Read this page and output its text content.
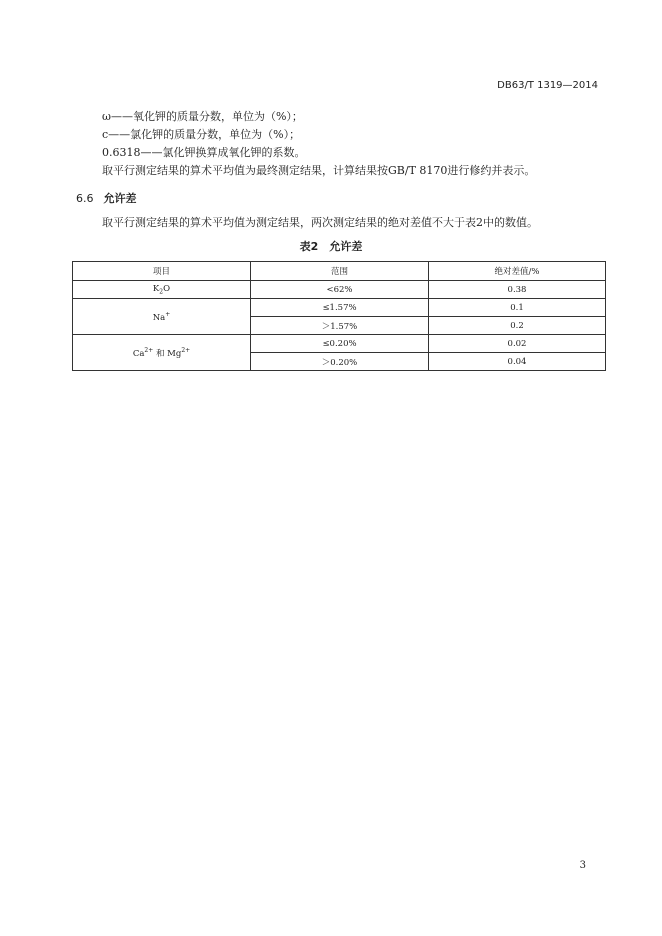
DB63/T 1319—2014
ω——氧化钾的质量分数，单位为（%）；
c——氯化钾的质量分数，单位为（%）；
0.6318——氯化钾换算成氧化钾的系数。
取平行测定结果的算术平均值为最终测定结果，计算结果按GB/T 8170进行修约并表示。
6.6 允许差
取平行测定结果的算术平均值为测定结果，两次测定结果的绝对差值不大于表2中的数值。
表2　允许差
项目	范围	绝对差值/%
$K_2O$	<62%	0.38
Na+	≤1.57%	0.1
	＞1.57%	0.2
$Ca^{2+}$ 和 $Mg^{2+}$	≤0.20%	0.02
	＞0.20%	0.04
3
